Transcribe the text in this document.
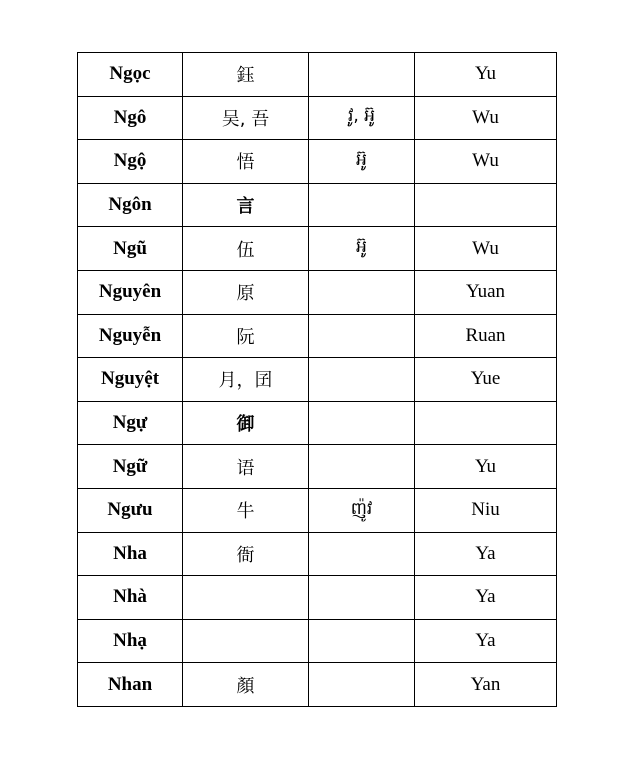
Ngọc	鈺		Yu
Ngô	吴, 吾	វូ, អ៊ូ	Wu
Ngộ	悟	អ៊ូ	Wu
Ngôn	言		
Ngũ	伍	អ៊ូ	Wu
Nguyên	原		Yuan
Nguyễn	阮		Ruan
Nguyệt	月，囝		Yue
Ngự	御		
Ngữ	语		Yu
Ngưu	牛	ញ៉ូវ	Niu
Nha	衙		Ya
Nhà			Ya
Nhạ			Ya
Nhan	顏		Yan
